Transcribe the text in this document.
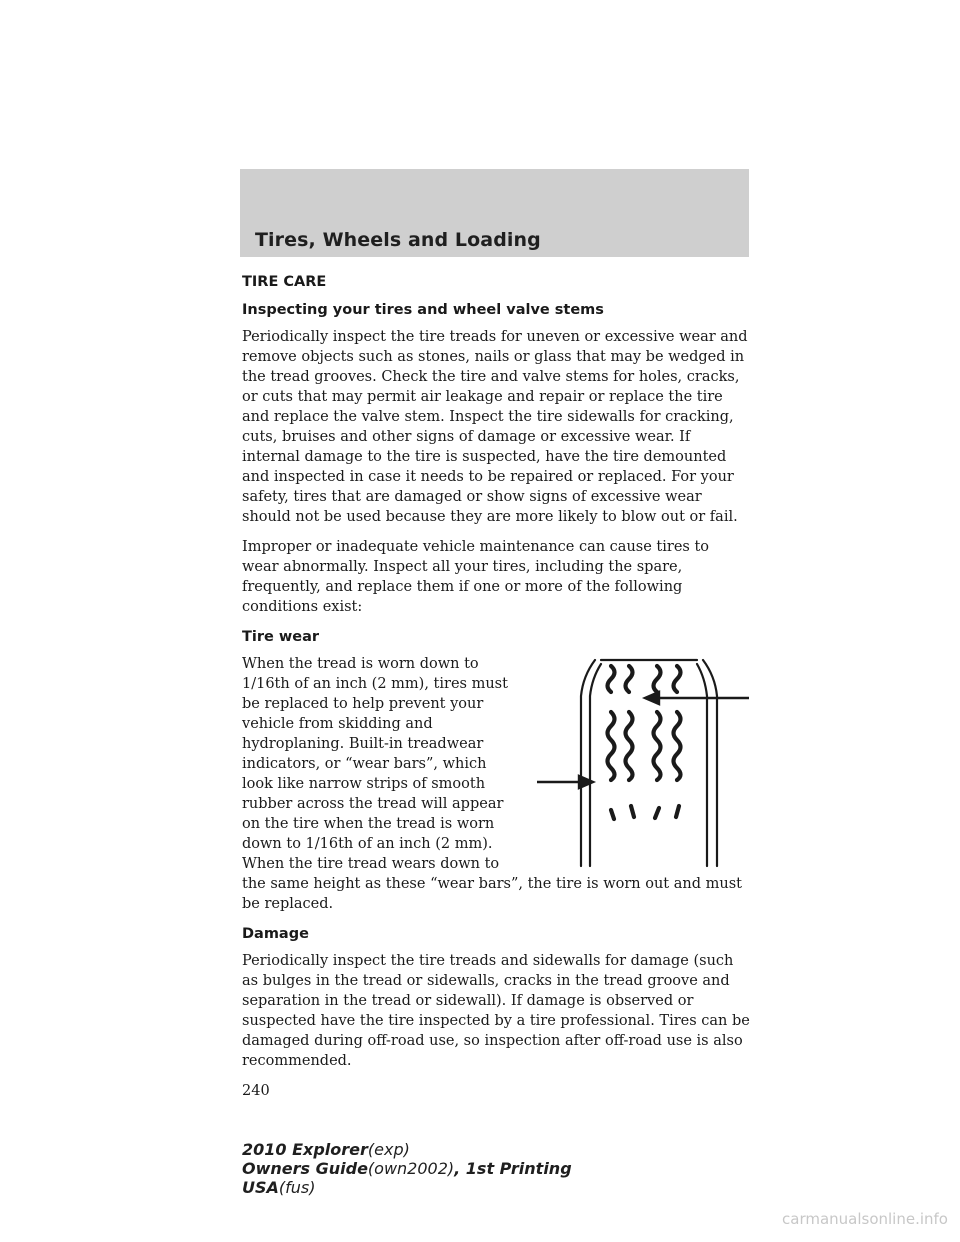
Tires, Wheels and Loading
TIRE CARE
Inspecting your tires and wheel valve stems

Periodically inspect the tire treads for uneven or excessive wear and remove objects such as stones, nails or glass that may be wedged in the tread grooves. Check the tire and valve stems for holes, cracks, or cuts that may permit air leakage and repair or replace the tire and replace the valve stem. Inspect the tire sidewalls for cracking, cuts, bruises and other signs of damage or excessive wear. If internal damage to the tire is suspected, have the tire demounted and inspected in case it needs to be repaired or replaced. For your safety, tires that are damaged or show signs of excessive wear should not be used because they are more likely to blow out or fail.

Improper or inadequate vehicle maintenance can cause tires to wear abnormally. Inspect all your tires, including the spare, frequently, and replace them if one or more of the following conditions exist:

Tire wear

When the tread is worn down to 1/16th of an inch (2 mm), tires must be replaced to help prevent your vehicle from skidding and hydroplaning. Built-in treadwear indicators, or “wear bars”, which look like narrow strips of smooth rubber across the tread will appear on the tire when the tread is worn down to 1/16th of an inch (2 mm). When the tire tread wears down to the same height as these “wear bars”, the tire is worn out and must be replaced.

Damage

Periodically inspect the tire treads and sidewalls for damage (such as bulges in the tread or sidewalls, cracks in the tread groove and separation in the tread or sidewall). If damage is observed or suspected have the tire inspected by a tire professional. Tires can be damaged during off-road use, so inspection after off-road use is also recommended.

240
2010 Explorer(exp)
Owners Guide(own2002), 1st Printing
USA(fus)
carmanualsonline.info
